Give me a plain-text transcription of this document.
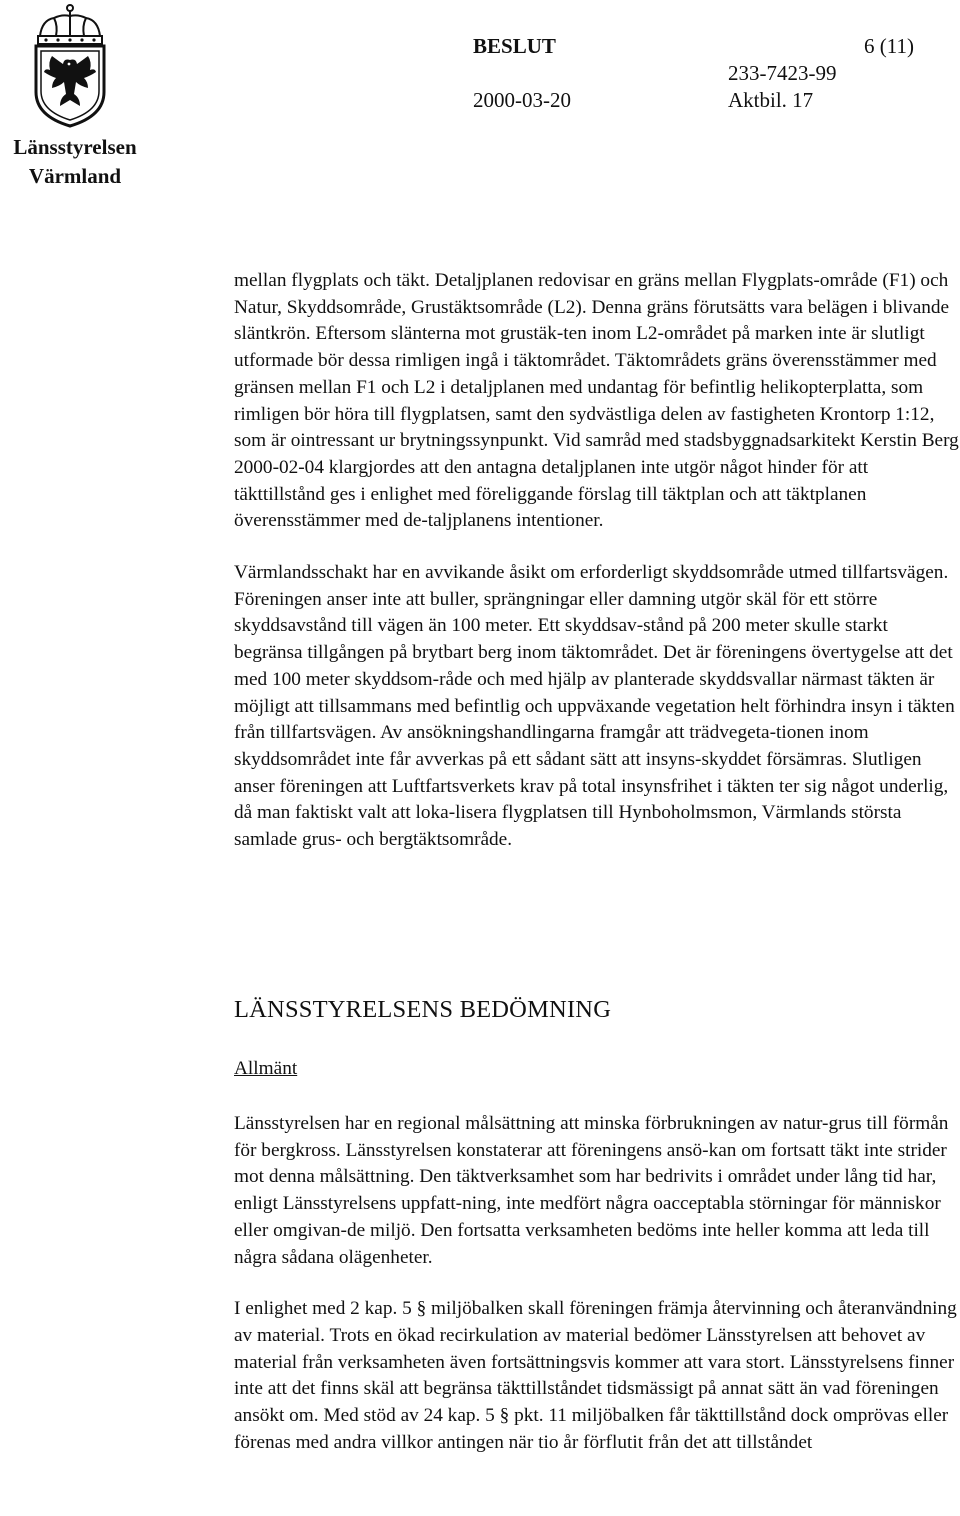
Länsstyrelsen
Värmland
BESLUT	6 (11)
233-7423-99
2000-03-20	Aktbil. 17

mellan flygplats och täkt. Detaljplanen redovisar en gräns mellan Flygplats-område (F1) och Natur, Skyddsområde, Grustäktsområde (L2). Denna gräns förutsätts vara belägen i blivande släntkrön. Eftersom slänterna mot grustäk-ten inom L2-området på marken inte är slutligt utformade bör dessa rimligen ingå i täktområdet. Täktområdets gräns överensstämmer med gränsen mellan F1 och L2 i detaljplanen med undantag för befintlig helikopterplatta, som rimligen bör höra till flygplatsen, samt den sydvästliga delen av fastigheten Krontorp 1:12, som är ointressant ur brytningssynpunkt. Vid samråd med stadsbyggnadsarkitekt Kerstin Berg 2000-02-04 klargjordes att den antagna detaljplanen inte utgör något hinder för att täkttillstånd ges i enlighet med föreliggande förslag till täktplan och att täktplanen överensstämmer med de-taljplanens intentioner.

Värmlandsschakt har en avvikande åsikt om erforderligt skyddsområde utmed tillfartsvägen. Föreningen anser inte att buller, sprängningar eller damning utgör skäl för ett större skyddsavstånd till vägen än 100 meter. Ett skyddsav-stånd på 200 meter skulle starkt begränsa tillgången på brytbart berg inom täktområdet. Det är föreningens övertygelse att det med 100 meter skyddsom-råde och med hjälp av planterade skyddsvallar närmast täkten är möjligt att tillsammans med befintlig och uppväxande vegetation helt förhindra insyn i täkten från tillfartsvägen. Av ansökningshandlingarna framgår att trädvegeta-tionen inom skyddsområdet inte får avverkas på ett sådant sätt att insyns-skyddet försämras. Slutligen anser föreningen att Luftfartsverkets krav på total insynsfrihet i täkten ter sig något underlig, då man faktiskt valt att loka-lisera flygplatsen till Hynboholmsmon, Värmlands största samlade grus- och bergtäktsområde.

LÄNSSTYRELSENS BEDÖMNING
Allmänt

Länsstyrelsen har en regional målsättning att minska förbrukningen av natur-grus till förmån för bergkross. Länsstyrelsen konstaterar att föreningens ansö-kan om fortsatt täkt inte strider mot denna målsättning. Den täktverksamhet som har bedrivits i området under lång tid har, enligt Länsstyrelsens uppfatt-ning, inte medfört några oacceptabla störningar för människor eller omgivan-de miljö. Den fortsatta verksamheten bedöms inte heller komma att leda till några sådana olägenheter.

I enlighet med 2 kap. 5 § miljöbalken skall föreningen främja återvinning och återanvändning av material. Trots en ökad recirkulation av material bedömer Länsstyrelsen att behovet av material från verksamheten även fortsättningsvis kommer att vara stort. Länsstyrelsens finner inte att det finns skäl att begränsa täkttillståndet tidsmässigt på annat sätt än vad föreningen ansökt om. Med stöd av 24 kap. 5 § pkt. 11 miljöbalken får täkttillstånd dock omprövas eller förenas med andra villkor antingen när tio år förflutit från det att tillståndet
